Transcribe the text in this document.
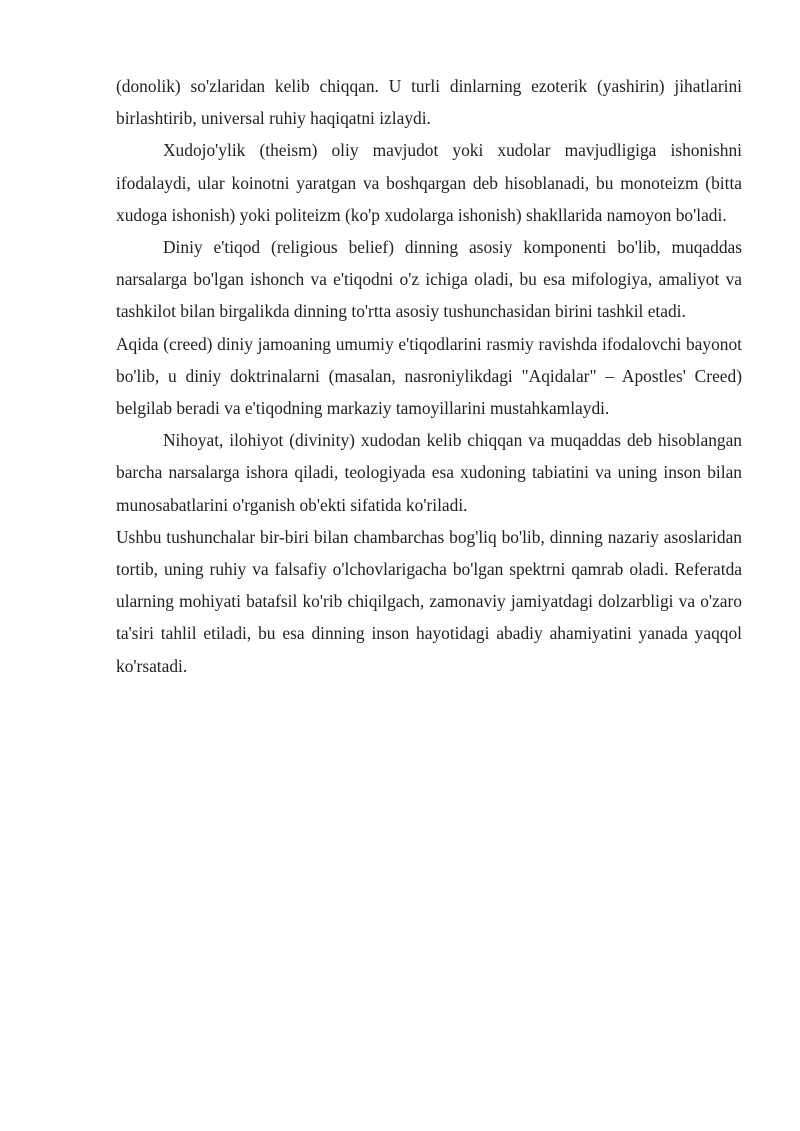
(donolik) so'zlaridan kelib chiqqan. U turli dinlarning ezoterik (yashirin) jihatlarini birlashtirib, universal ruhiy haqiqatni izlaydi.

Xudojo'ylik (theism) oliy mavjudot yoki xudolar mavjudligiga ishonishni ifodalaydi, ular koinotni yaratgan va boshqargan deb hisoblanadi, bu monoteizm (bitta xudoga ishonish) yoki politeizm (ko'p xudolarga ishonish) shakllarida namoyon bo'ladi.

Diniy e'tiqod (religious belief) dinning asosiy komponenti bo'lib, muqaddas narsalarga bo'lgan ishonch va e'tiqodni o'z ichiga oladi, bu esa mifologiya, amaliyot va tashkilot bilan birgalikda dinning to'rtta asosiy tushunchasidan birini tashkil etadi.

Aqida (creed) diniy jamoaning umumiy e'tiqodlarini rasmiy ravishda ifodalovchi bayonot bo'lib, u diniy doktrinalarni (masalan, nasroniylikdagi "Aqidalar" – Apostles' Creed) belgilab beradi va e'tiqodning markaziy tamoyillarini mustahkamlaydi.

Nihoyat, ilohiyot (divinity) xudodan kelib chiqqan va muqaddas deb hisoblangan barcha narsalarga ishora qiladi, teologiyada esa xudoning tabiatini va uning inson bilan munosabatlarini o'rganish ob'ekti sifatida ko'riladi.

Ushbu tushunchalar bir-biri bilan chambarchas bog'liq bo'lib, dinning nazariy asoslaridan tortib, uning ruhiy va falsafiy o'lchovlarigacha bo'lgan spektrni qamrab oladi. Referatda ularning mohiyati batafsil ko'rib chiqilgach, zamonaviy jamiyatdagi dolzarbligi va o'zaro ta'siri tahlil etiladi, bu esa dinning inson hayotidagi abadiy ahamiyatini yanada yaqqol ko'rsatadi.
